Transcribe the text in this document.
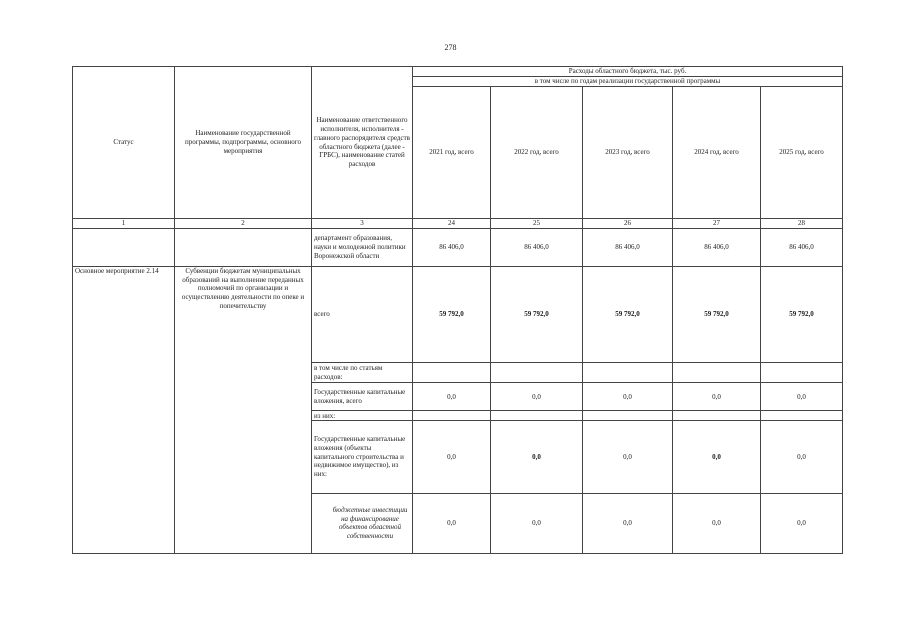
278
Статус	Наименование государственной программы, подпрограммы, основного мероприятия	Наименование ответственного исполнителя, исполнителя - главного распорядителя средств областного бюджета (далее - ГРБС), наименование статей расходов	Расходы областного бюджета, тыс. руб.				
			в том числе по годам реализации государственной программы				
			2021 год, всего	2022 год, всего	2023 год, всего	2024 год, всего	2025 год, всего
1	2	3	24	25	26	27	28
		департамент образования, науки и молодежной политики Воронежской области	86 406,0	86 406,0	86 406,0	86 406,0	86 406,0
Основное мероприятие 2.14	Субвенции бюджетам муниципальных образований на выполнение переданных полномочий по организации и осуществлению деятельности по опеке и попечительству	всего	59 792,0	59 792,0	59 792,0	59 792,0	59 792,0
		в том числе по статьям расходов:					
		Государственные капитальные вложения, всего	0,0	0,0	0,0	0,0	0,0
		из них:					
		Государственные капитальные вложения (объекты капитального строительства и недвижимое имущество), из них:	0,0	0,0	0,0	0,0	0,0
		бюджетные инвестиции на финансирование объектов областной собственности	0,0	0,0	0,0	0,0	0,0
